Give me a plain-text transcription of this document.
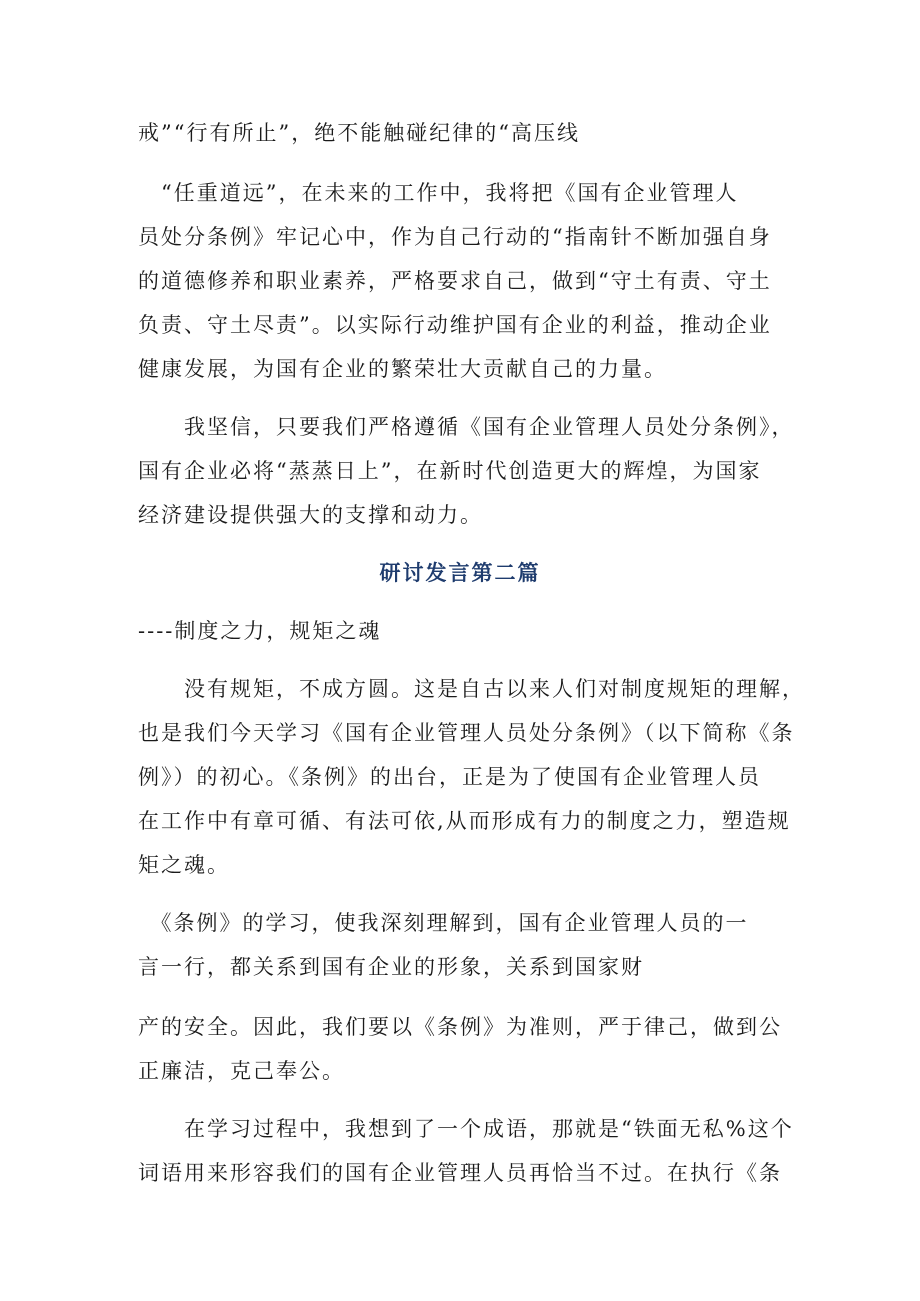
戒”“行有所止”，绝不能触碰纪律的“高压线
　“任重道远”，在未来的工作中，我将把《国有企业管理人
员处分条例》牢记心中，作为自己行动的“指南针不断加强自身
的道德修养和职业素养，严格要求自己，做到“守土有责、守土
负责、守土尽责”。以实际行动维护国有企业的利益，推动企业
健康发展，为国有企业的繁荣壮大贡献自己的力量。
　　我坚信，只要我们严格遵循《国有企业管理人员处分条例》，
国有企业必将“蒸蒸日上”，在新时代创造更大的辉煌，为国家
经济建设提供强大的支撑和动力。
研讨发言第二篇
----制度之力，规矩之魂
　　没有规矩，不成方圆。这是自古以来人们对制度规矩的理解，
也是我们今天学习《国有企业管理人员处分条例》（以下简称《条
例》）的初心。《条例》的出台，正是为了使国有企业管理人员
在工作中有章可循、有法可依,从而形成有力的制度之力，塑造规
矩之魂。
　《条例》的学习，使我深刻理解到，国有企业管理人员的一
言一行，都关系到国有企业的形象，关系到国家财
产的安全。因此，我们要以《条例》为准则，严于律己，做到公
正廉洁，克己奉公。
　　在学习过程中，我想到了一个成语，那就是“铁面无私%这个
词语用来形容我们的国有企业管理人员再恰当不过。在执行《条
